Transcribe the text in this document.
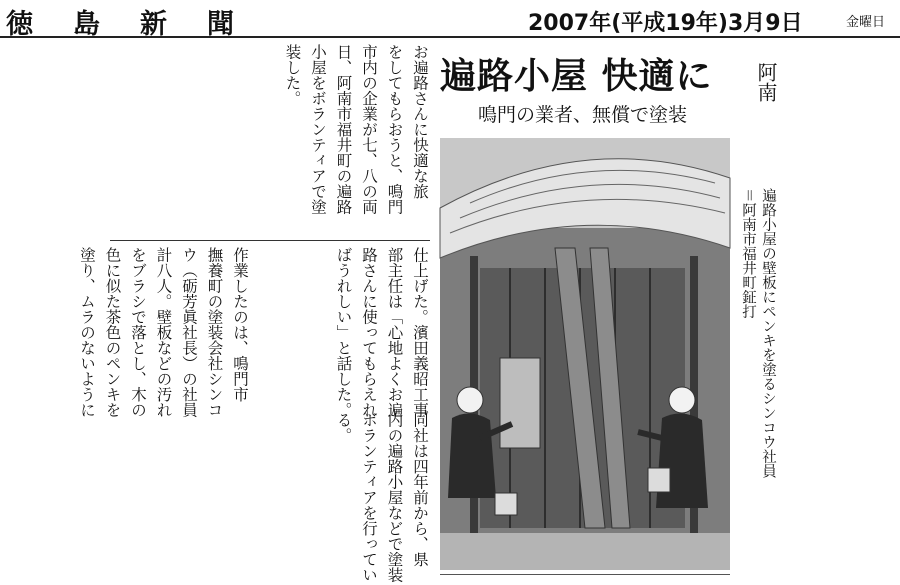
徳島新聞	2007年(平成19年)3月9日	金曜日
お遍路さんに快適な旅
をしてもらおうと、鳴門
市内の企業が七、八の両
日、阿南市福井町の遍路
小屋をボランティアで塗
装した。
仕上げた。濱田義昭工事
部主任は「心地よくお遍
路さんに使ってもらえれ
ばうれしい」と話した。
同社は四年前から、県
内の遍路小屋などで塗装
ボランティアを行ってい
る。
遍路小屋 快適に
鳴門の業者、無償で塗装
阿南
遍路小屋の壁板にペンキを塗るシンコウ社員
＝阿南市福井町鉦打
作業したのは、鳴門市
撫養町の塗装会社シンコ
ウ（砺芳眞社長）の社員
計八人。壁板などの汚れ
をブラシで落とし、木の
色に似た茶色のペンキを
塗り、ムラのないように
